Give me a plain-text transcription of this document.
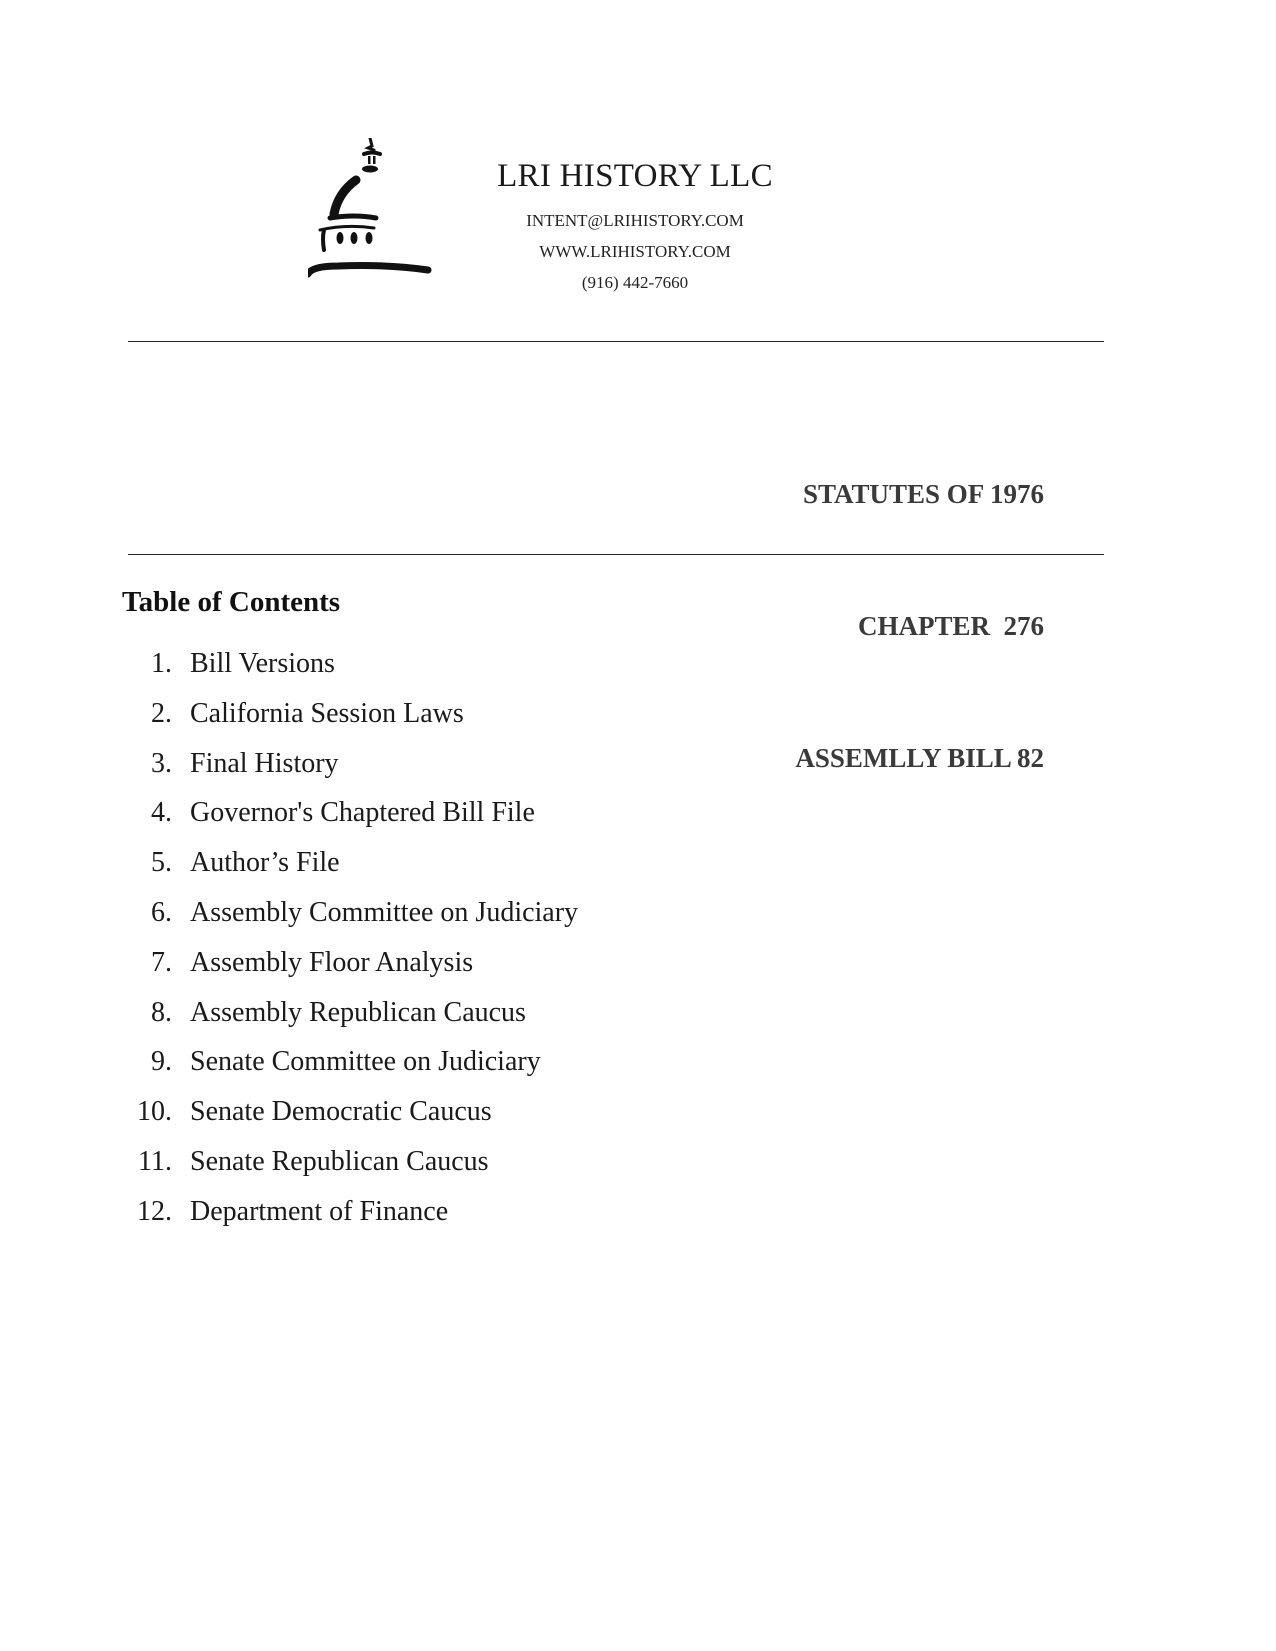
LRI HISTORY LLC
INTENT@LRIHISTORY.COM
WWW.LRIHISTORY.COM
(916) 442-7660

STATUTES OF 1976

CHAPTER  276

ASSEMLLY BILL 82

Table of Contents
1. Bill Versions
2. California Session Laws
3. Final History
4. Governor's Chaptered Bill File
5. Author’s File
6. Assembly Committee on Judiciary
7. Assembly Floor Analysis
8. Assembly Republican Caucus
9. Senate Committee on Judiciary
10. Senate Democratic Caucus
11. Senate Republican Caucus
12. Department of Finance
